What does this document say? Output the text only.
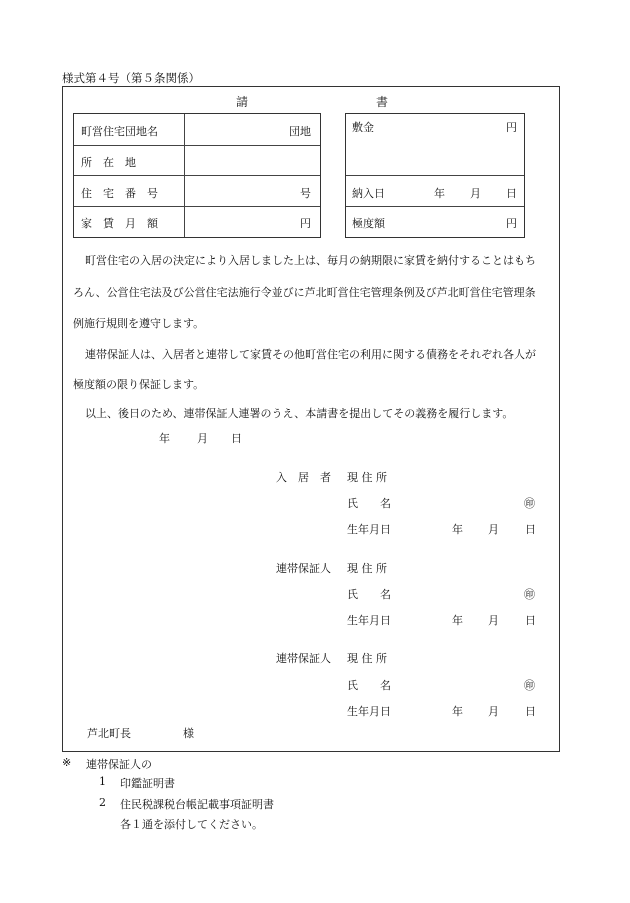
様式第４号（第５条関係）
請	書
町営住宅団地名	団地
所　在　地
住　宅　番　号	号
家　賃　月　額	円
敷金	円
納入日	年 月 日
極度額	円
町営住宅の入居の決定により入居しました上は、毎月の納期限に家賃を納付することはもち
ろん、公営住宅法及び公営住宅法施行令並びに芦北町営住宅管理条例及び芦北町営住宅管理条
例施行規則を遵守します。
連帯保証人は、入居者と連帯して家賃その他町営住宅の利用に関する債務をそれぞれ各人が
極度額の限り保証します。
以上、後日のため、連帯保証人連署のうえ、本請書を提出してその義務を履行します。
年 月 日
入　居　者 現 住 所
氏　　名	㊞
生年月日	年 月 日
連帯保証人 現 住 所
氏　　名	㊞
生年月日	年 月 日
連帯保証人 現 住 所
氏　　名	㊞
生年月日	年 月 日
芦北町長	様
※ 連帯保証人の
1 印鑑証明書
2 住民税課税台帳記載事項証明書
各１通を添付してください。
